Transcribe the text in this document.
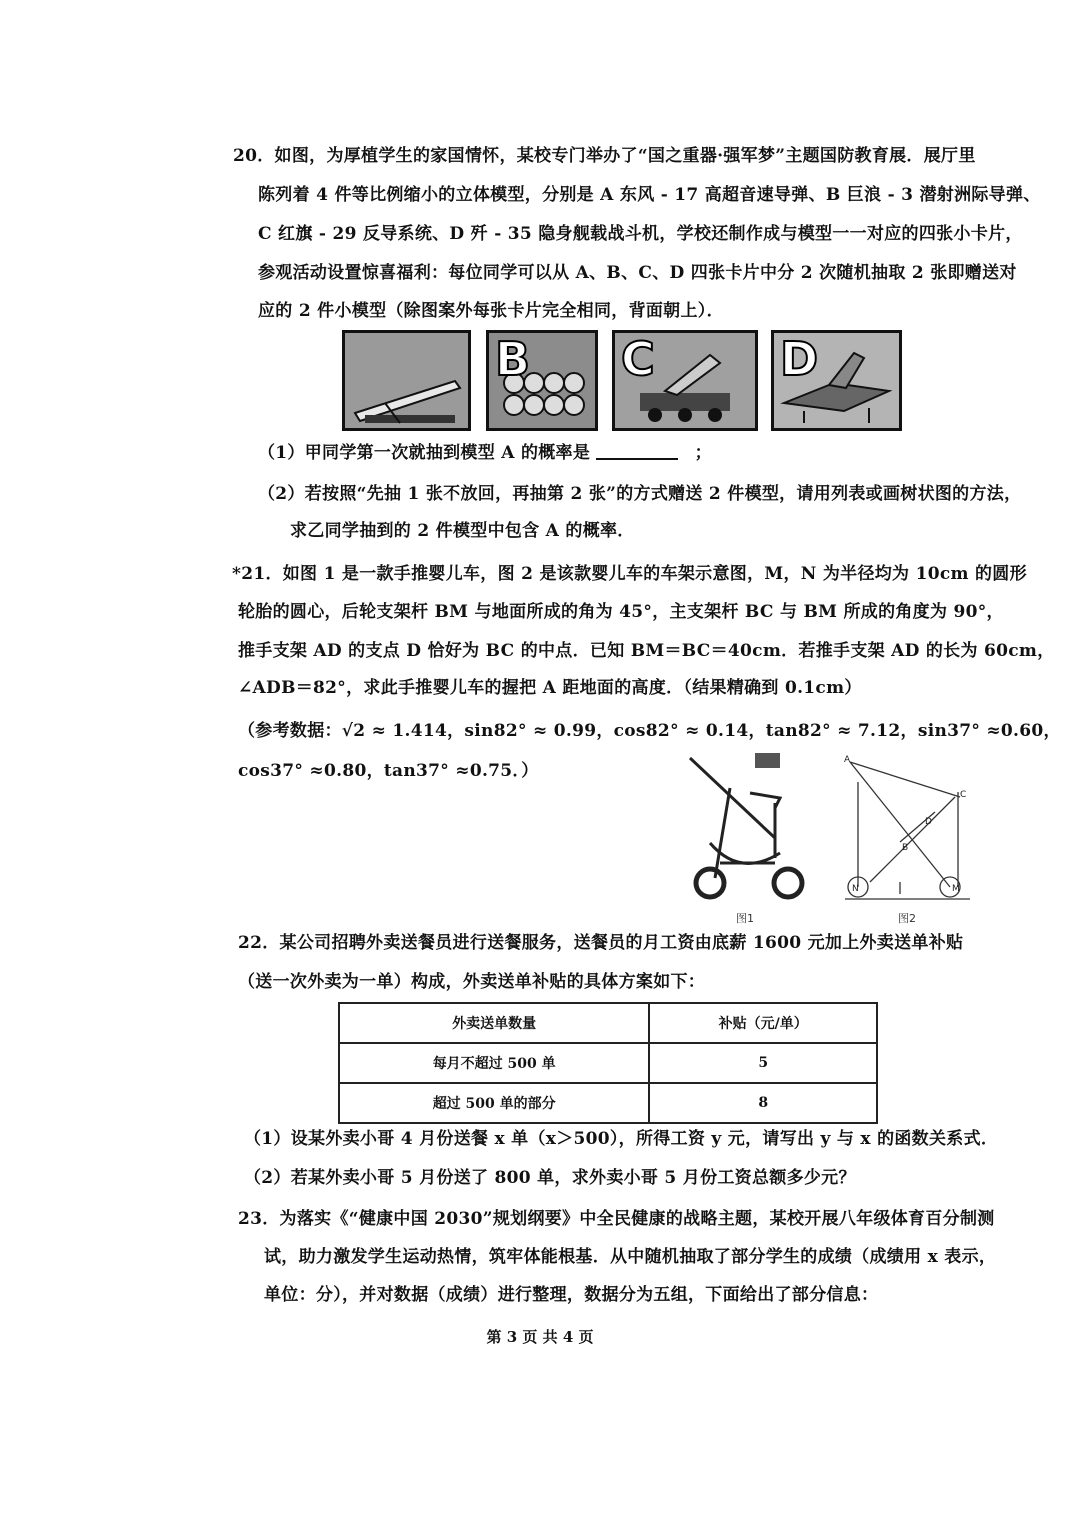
20．如图，为厚植学生的家国情怀，某校专门举办了“国之重器·强军梦”主题国防教育展．展厅里
陈列着 4 件等比例缩小的立体模型，分别是 A 东风 - 17 高超音速导弹、B 巨浪 - 3 潜射洲际导弹、
C 红旗 - 29 反导系统、D 歼 - 35 隐身舰载战斗机，学校还制作成与模型一一对应的四张小卡片，
参观活动设置惊喜福利：每位同学可以从 A、B、C、D 四张卡片中分 2 次随机抽取 2 张即赠送对
应的 2 件小模型（除图案外每张卡片完全相同，背面朝上）．
B C	D
（1）甲同学第一次就抽到模型 A 的概率是	；
（2）若按照“先抽 1 张不放回，再抽第 2 张”的方式赠送 2 件模型，请用列表或画树状图的方法，
求乙同学抽到的 2 件模型中包含 A 的概率．
*21．如图 1 是一款手推婴儿车，图 2 是该款婴儿车的车架示意图，M，N 为半径均为 10cm 的圆形
轮胎的圆心，后轮支架杆 BM 与地面所成的角为 45°，主支架杆 BC 与 BM 所成的角度为 90°，
推手支架 AD 的支点 D 恰好为 BC 的中点．已知 BM＝BC＝40cm．若推手支架 AD 的长为 60cm，
∠ADB＝82°，求此手推婴儿车的握把 A 距地面的高度．（结果精确到 0.1cm）
（参考数据：√2 ≈ 1.414，sin82° ≈ 0.99，cos82° ≈ 0.14，tan82° ≈ 7.12，sin37° ≈0.60，
cos37° ≈0.80，tan37° ≈0.75．）
图1
A
C
D
B
N	M
图2
22．某公司招聘外卖送餐员进行送餐服务，送餐员的月工资由底薪 1600 元加上外卖送单补贴
（送一次外卖为一单）构成，外卖送单补贴的具体方案如下：
外卖送单数量	补贴（元/单）
每月不超过 500 单	5
超过 500 单的部分	8
（1）设某外卖小哥 4 月份送餐 x 单（x＞500），所得工资 y 元，请写出 y 与 x 的函数关系式．
（2）若某外卖小哥 5 月份送了 800 单，求外卖小哥 5 月份工资总额多少元？
23．为落实《“健康中国 2030”规划纲要》中全民健康的战略主题，某校开展八年级体育百分制测
试，助力激发学生运动热情，筑牢体能根基．从中随机抽取了部分学生的成绩（成绩用 x 表示，
单位：分），并对数据（成绩）进行整理，数据分为五组，下面给出了部分信息：
第 3 页 共 4 页
